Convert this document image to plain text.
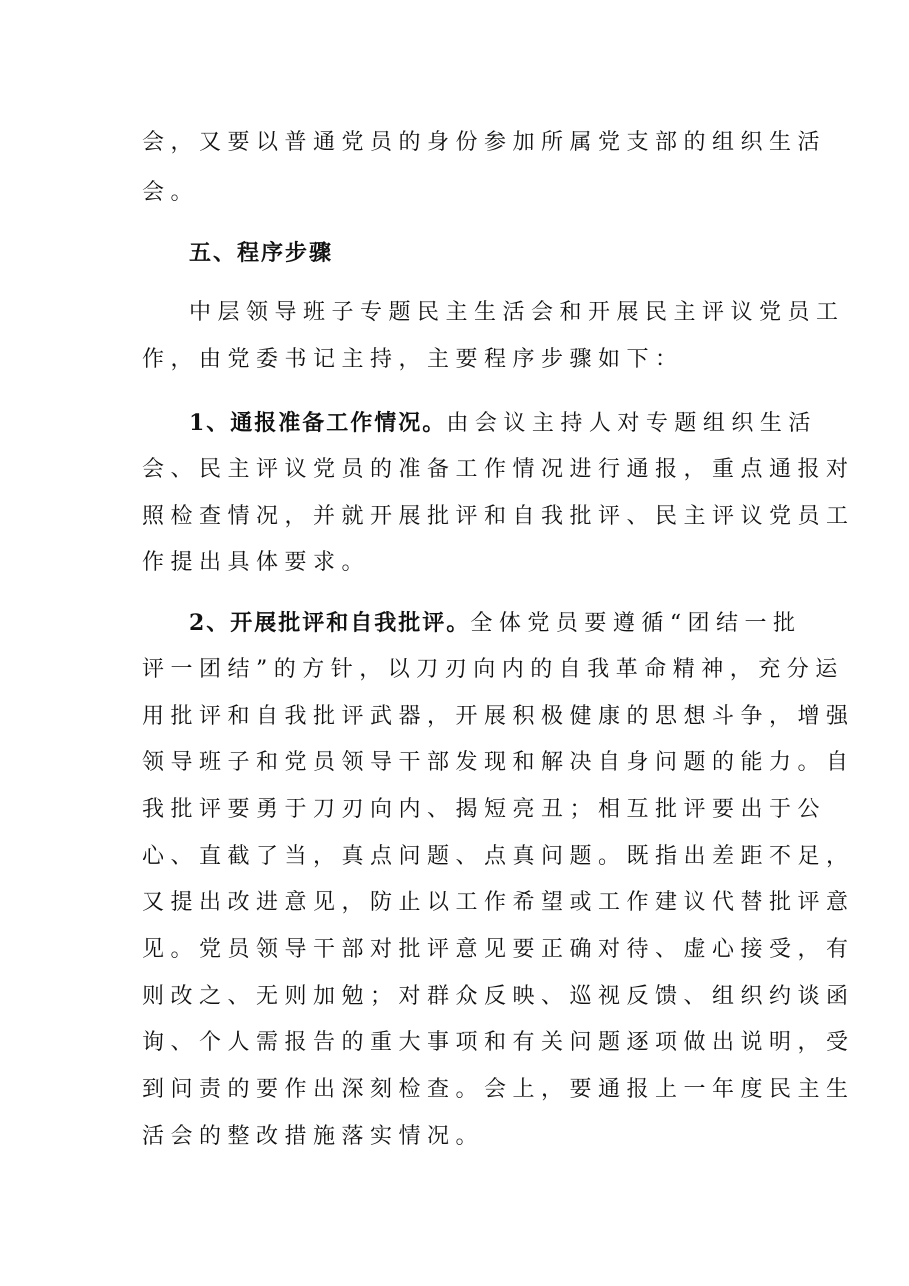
会，又要以普通党员的身份参加所属党支部的组织生活
会。
五、程序步骤
中层领导班子专题民主生活会和开展民主评议党员工
作，由党委书记主持，主要程序步骤如下：
1、通报准备工作情况。由会议主持人对专题组织生活
会、民主评议党员的准备工作情况进行通报，重点通报对
照检查情况，并就开展批评和自我批评、民主评议党员工
作提出具体要求。
2、开展批评和自我批评。全体党员要遵循“团结一批
评一团结”的方针，以刀刃向内的自我革命精神，充分运
用批评和自我批评武器，开展积极健康的思想斗争，增强
领导班子和党员领导干部发现和解决自身问题的能力。自
我批评要勇于刀刃向内、揭短亮丑；相互批评要出于公
心、直截了当，真点问题、点真问题。既指出差距不足，
又提出改进意见，防止以工作希望或工作建议代替批评意
见。党员领导干部对批评意见要正确对待、虚心接受，有
则改之、无则加勉；对群众反映、巡视反馈、组织约谈函
询、个人需报告的重大事项和有关问题逐项做出说明，受
到问责的要作出深刻检查。会上，要通报上一年度民主生
活会的整改措施落实情况。
